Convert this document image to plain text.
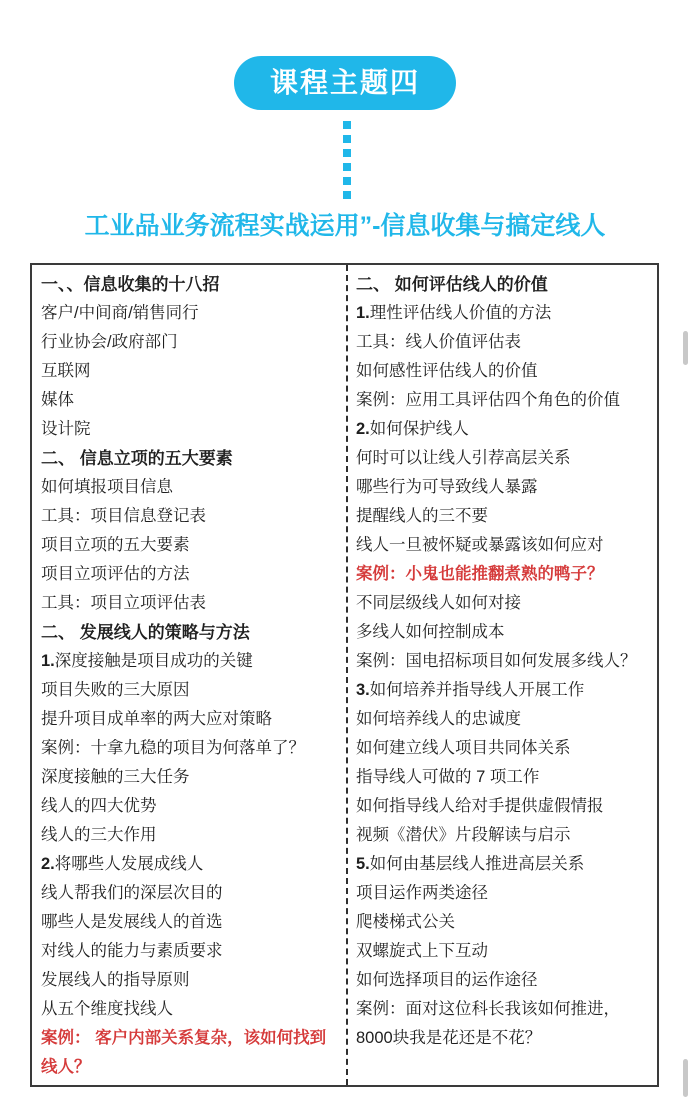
课程主题四
工业品业务流程实战运用”-信息收集与搞定线人
一、、信息收集的十八招
客户/中间商/销售同行
行业协会/政府部门
互联网
媒体
设计院
二、 信息立项的五大要素
如何填报项目信息
工具：项目信息登记表
项目立项的五大要素
项目立项评估的方法
工具：项目立项评估表
二、 发展线人的策略与方法
1.深度接触是项目成功的关键
项目失败的三大原因
提升项目成单率的两大应对策略
案例：十拿九稳的项目为何落单了？
深度接触的三大任务
线人的四大优势
线人的三大作用
2.将哪些人发展成线人
线人帮我们的深层次目的
哪些人是发展线人的首选
对线人的能力与素质要求
发展线人的指导原则
从五个维度找线人
案例： 客户内部关系复杂，该如何找到线人？
二、 如何评估线人的价值
1.理性评估线人价值的方法
工具：线人价值评估表
如何感性评估线人的价值
案例：应用工具评估四个角色的价值
2.如何保护线人
何时可以让线人引荐高层关系
哪些行为可导致线人暴露
提醒线人的三不要
线人一旦被怀疑或暴露该如何应对
案例：小鬼也能推翻煮熟的鸭子？
不同层级线人如何对接
多线人如何控制成本
案例：国电招标项目如何发展多线人？
3.如何培养并指导线人开展工作
如何培养线人的忠诚度
如何建立线人项目共同体关系
指导线人可做的 7 项工作
如何指导线人给对手提供虚假情报
视频《潜伏》片段解读与启示
5.如何由基层线人推进高层关系
项目运作两类途径
爬楼梯式公关
双螺旋式上下互动
如何选择项目的运作途径
案例：面对这位科长我该如何推进，8000块我是花还是不花？
